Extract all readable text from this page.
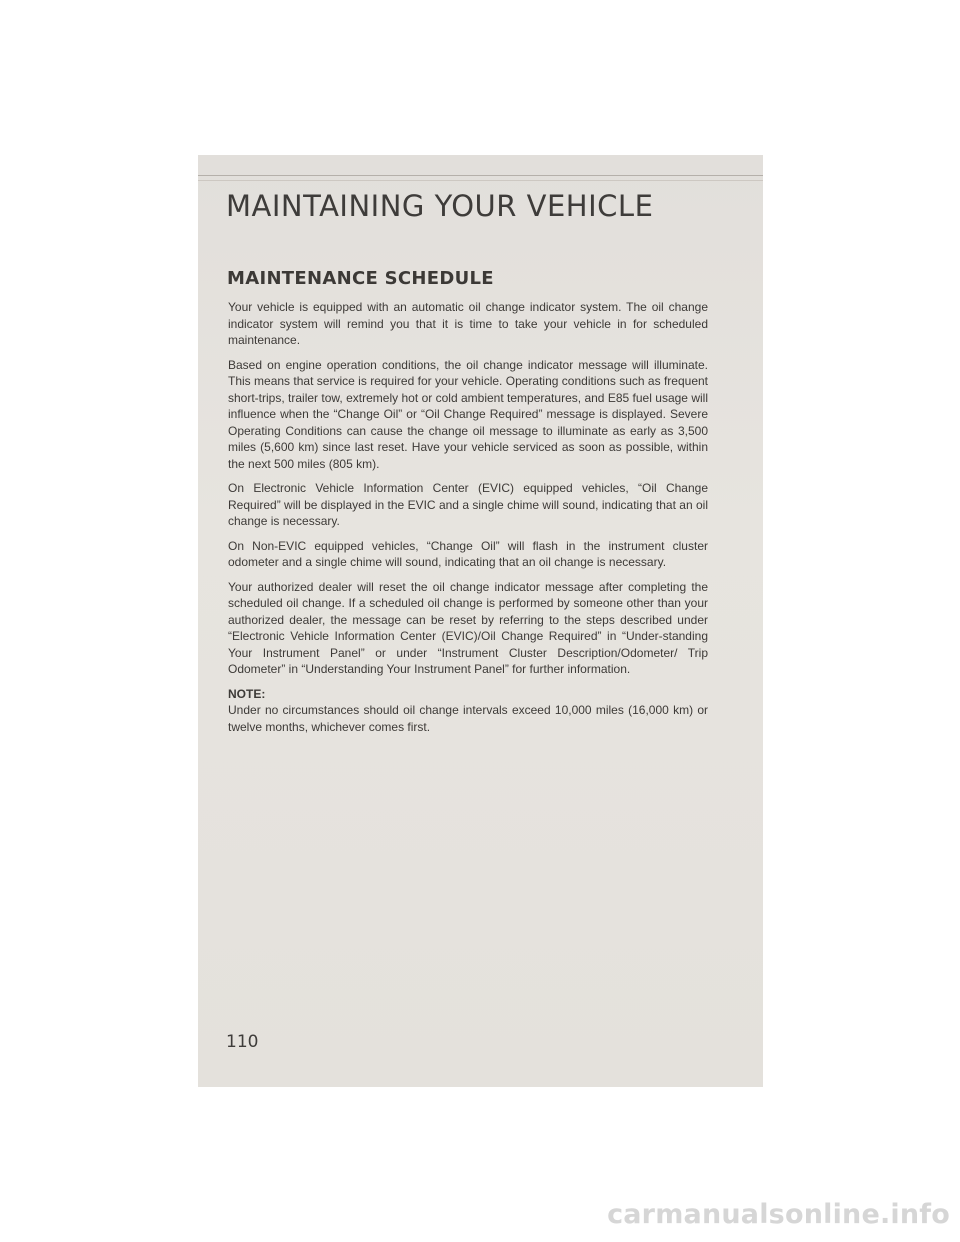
MAINTAINING YOUR VEHICLE
MAINTENANCE SCHEDULE

Your vehicle is equipped with an automatic oil change indicator system. The oil change indicator system will remind you that it is time to take your vehicle in for scheduled maintenance.

Based on engine operation conditions, the oil change indicator message will illuminate. This means that service is required for your vehicle. Operating conditions such as frequent short-trips, trailer tow, extremely hot or cold ambient temperatures, and E85 fuel usage will influence when the “Change Oil” or “Oil Change Required” message is displayed. Severe Operating Conditions can cause the change oil message to illuminate as early as 3,500 miles (5,600 km) since last reset. Have your vehicle serviced as soon as possible, within the next 500 miles (805 km).

On Electronic Vehicle Information Center (EVIC) equipped vehicles, “Oil Change Required” will be displayed in the EVIC and a single chime will sound, indicating that an oil change is necessary.

On Non-EVIC equipped vehicles, “Change Oil” will flash in the instrument cluster odometer and a single chime will sound, indicating that an oil change is necessary.

Your authorized dealer will reset the oil change indicator message after completing the scheduled oil change. If a scheduled oil change is performed by someone other than your authorized dealer, the message can be reset by referring to the steps described under “Electronic Vehicle Information Center (EVIC)/Oil Change Required” in “Under-standing Your Instrument Panel” or under “Instrument Cluster Description/Odometer/ Trip Odometer” in “Understanding Your Instrument Panel” for further information.

NOTE:

Under no circumstances should oil change intervals exceed 10,000 miles (16,000 km) or twelve months, whichever comes first.

110
carmanualsonline.info
